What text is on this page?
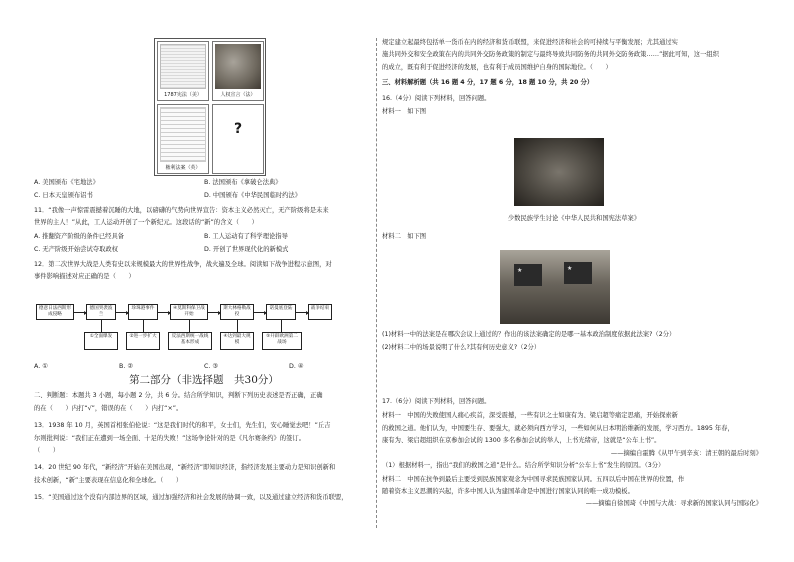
1787宪法（美）	人权宣言（法）
権利法案（英）
?

A. 美国颁布《宅地法》	B. 法国颁布《拿破仑法典》

C. 日本天皇颁布诏书	D. 中国颁布《中华民国临时约法》

11．“我像一声惊雷震撼着沉睡的大地，以磅礴的气势向世界宣告：资本主义必然灭亡，无产阶级将是未来

世界的主人！”从此，工人运动开创了一个新纪元。这段话的“新”的含义（　　）

A. 推翻资产阶级的条件已经具备	B. 工人运动有了科学理论指导

C. 无产阶级开始尝试夺取政权	D. 开创了世界现代化的新模式

12．第二次世界大战是人类有史以来规模最大的世界性战争，战火遍及全球。阅读如下战争进程示意图，对

事件影响描述对应正确的是（　　）

德意日法西斯形成侵略
德国突袭波兰
珍珠港事件	④莫斯科保卫战开始
斯大林格勒战役
诺曼底登陆	战争结束
①全面爆发	②进一步扩大	反法西斯统一战线基本形成
④达到最大规模
⑤开辟欧洲第二战场

A. ①	B. ②	C. ③	D. ④

第二部分（非选择题　共30分）

二、判断题：本题共 3 小题，每小题 2 分，共 6 分。结合所学知识，判断下列历史表述是否正确，正确

的在（　　）内打“√”，错误的在（　　）内打“×”。

13．1938 年 10 月，英国首相张伯伦说：“这是我们时代的和平，女士们，先生们，安心睡觉去吧！”丘吉

尔则批判说：“我们正在遭到一场全面、十足的失败！”这场争论针对的是《凡尔赛条约》的签订。

（　　）

14．20 世纪 90 年代，“新经济”开始在美国出现，“新经济”即知识经济，指经济发展主要动力是知识创新和

技术创新，“新”主要表现在信息化和全球化。（　　）

15．“美国通过这个没有内部边界的区域，通过加强经济和社会发展的协调一致，以及通过建立经济和货币联盟，

规定建立起最终包括单一货币在内的经济和货币联盟，来促进经济和社会的可持续与平衡发展；尤其通过实

施共同外交和安全政策在内的共同外交防务政策的制定与最终导致共同防务的共同外交防务政策……”据此可知，这一组织

的成立，既有利于促进经济的发展，也有利于成员国维护自身的国际地位。（　　）

三、材料解析题（共 16 题 4 分，17 题 6 分，18 题 10 分，共 20 分）

16.（4分）阅读下列材料，回答问题。

材料一　如下图

少数民族学生讨论《中华人民共和国宪法草案》

材料二　如下图

★	★

(1)材料一中的法案是在哪次会议上通过的？作出的该法案确定的是哪一基本政治制度依据此法案?（2分）

(2)材料二中的场景说明了什么?其有何历史意义?（2分）

17.（6分）阅读下列材料，回答问题。

材料一　中国的失败使国人痛心疾首，深受震撼，一些有识之士如康有为、梁启超等痛定思痛，开始探索新

的救国之道。他们认为，中国要生存、要强大，就必须向西方学习，一些如何从日本明治维新的发展，学习西方。1895 年春，

康有为、梁启超组织在京参加会试的 1300 多名参加会试的举人，上书光绪帝，这就是“公车上书”。

——摘编自霍腾《从甲午到辛亥：清王朝的最后时刻》

（1）根据材料一，指出“我们的救国之道”是什么。结合所学知识分析“公车上书”发生的原因。（3分）

材料二　中国在抗争到最后主要受到民族国家观念为中国寻求民族国家认同。五四以后中国在世界的位置，作

随着资本主义思潮的兴起，许多中国人认为建国革命是中国进行国家认同的唯一成功模板。

——摘编自徐国琦《中国与大战：寻求新的国家认同与国际化》
